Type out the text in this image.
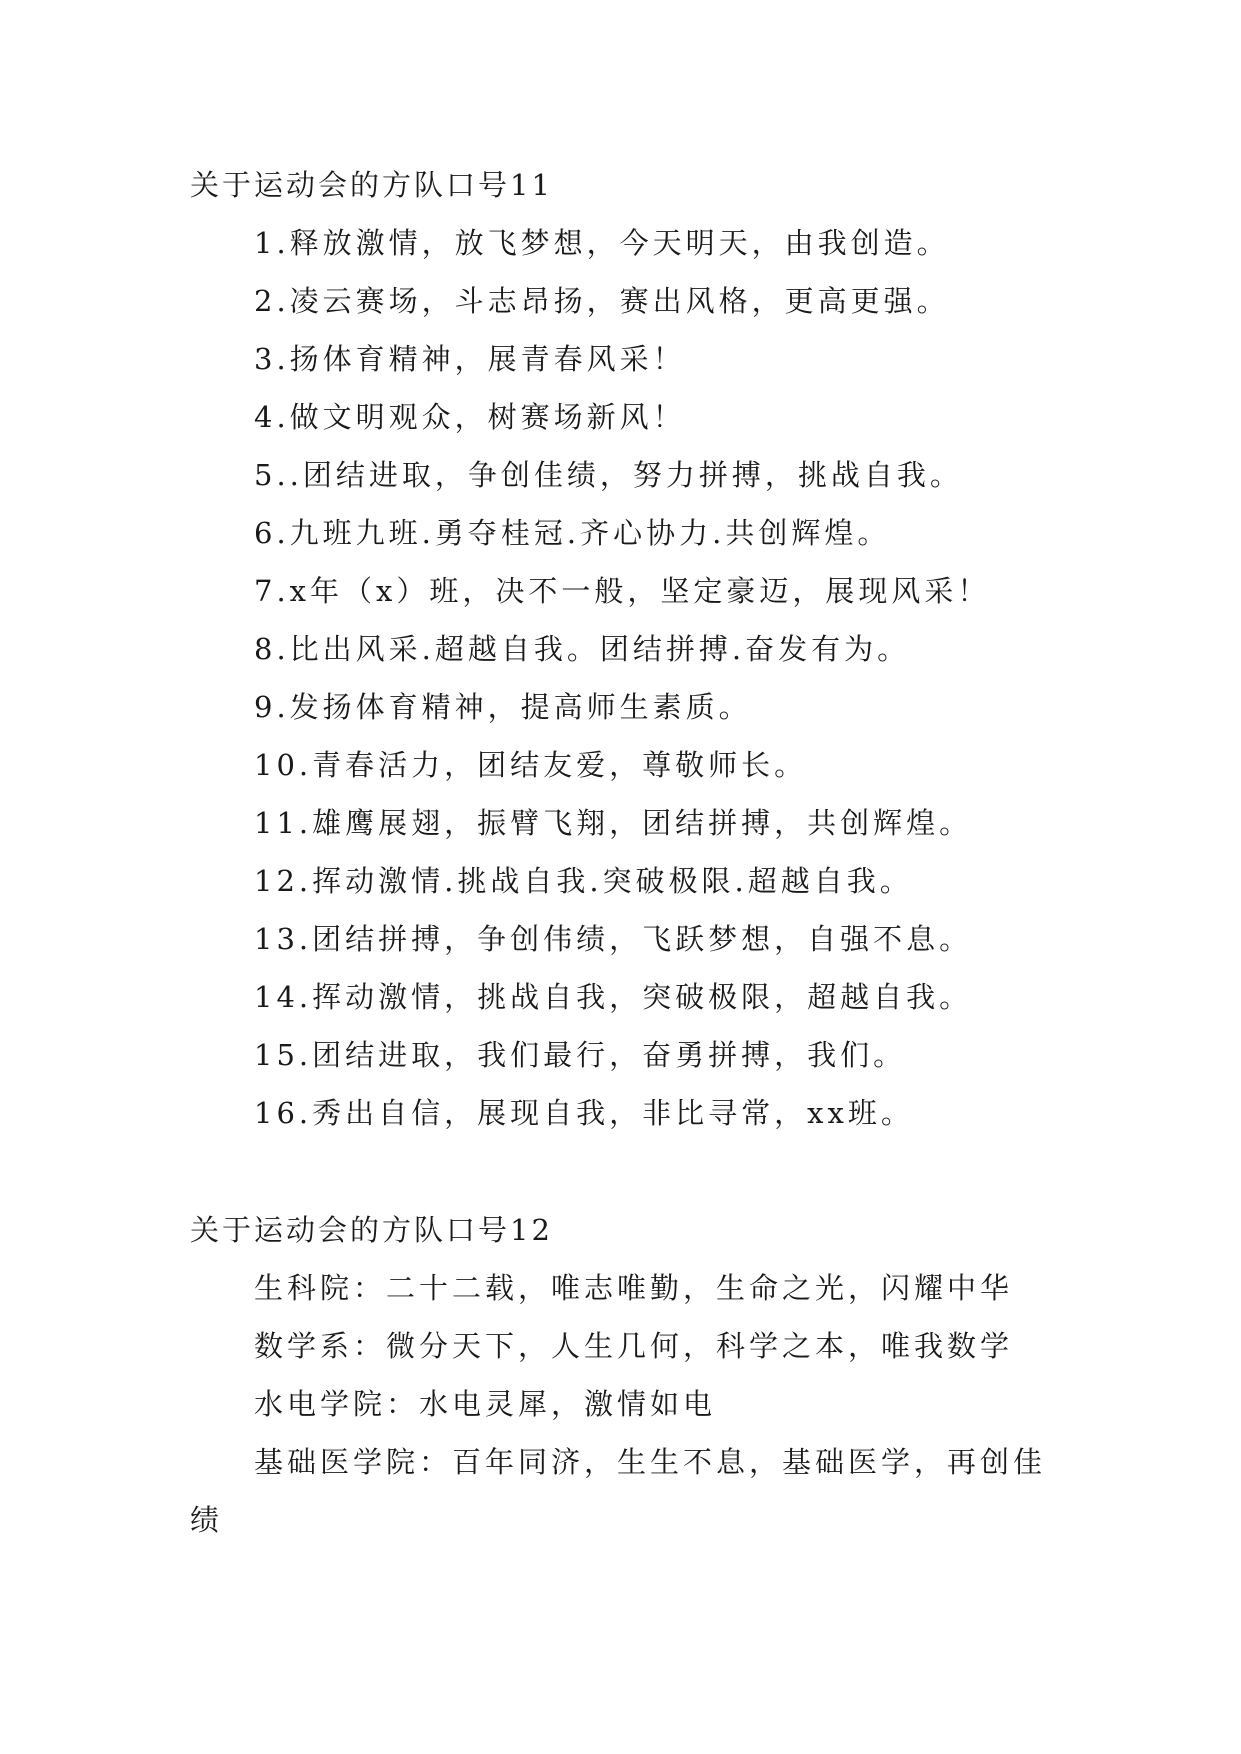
关于运动会的方队口号11
1.释放激情，放飞梦想，今天明天，由我创造。
2.凌云赛场，斗志昂扬，赛出风格，更高更强。
3.扬体育精神，展青春风采！
4.做文明观众，树赛场新风！
5..团结进取，争创佳绩，努力拼搏，挑战自我。
6.九班九班.勇夺桂冠.齐心协力.共创辉煌。
7.x年（x）班，决不一般，坚定豪迈，展现风采！
8.比出风采.超越自我。团结拼搏.奋发有为。
9.发扬体育精神，提高师生素质。
10.青春活力，团结友爱，尊敬师长。
11.雄鹰展翅，振臂飞翔，团结拼搏，共创辉煌。
12.挥动激情.挑战自我.突破极限.超越自我。
13.团结拼搏，争创伟绩，飞跃梦想，自强不息。
14.挥动激情，挑战自我，突破极限，超越自我。
15.团结进取，我们最行，奋勇拼搏，我们。
16.秀出自信，展现自我，非比寻常，xx班。
关于运动会的方队口号12
生科院：二十二载，唯志唯勤，生命之光，闪耀中华
数学系：微分天下，人生几何，科学之本，唯我数学
水电学院：水电灵犀，激情如电
基础医学院：百年同济，生生不息，基础医学，再创佳
绩
